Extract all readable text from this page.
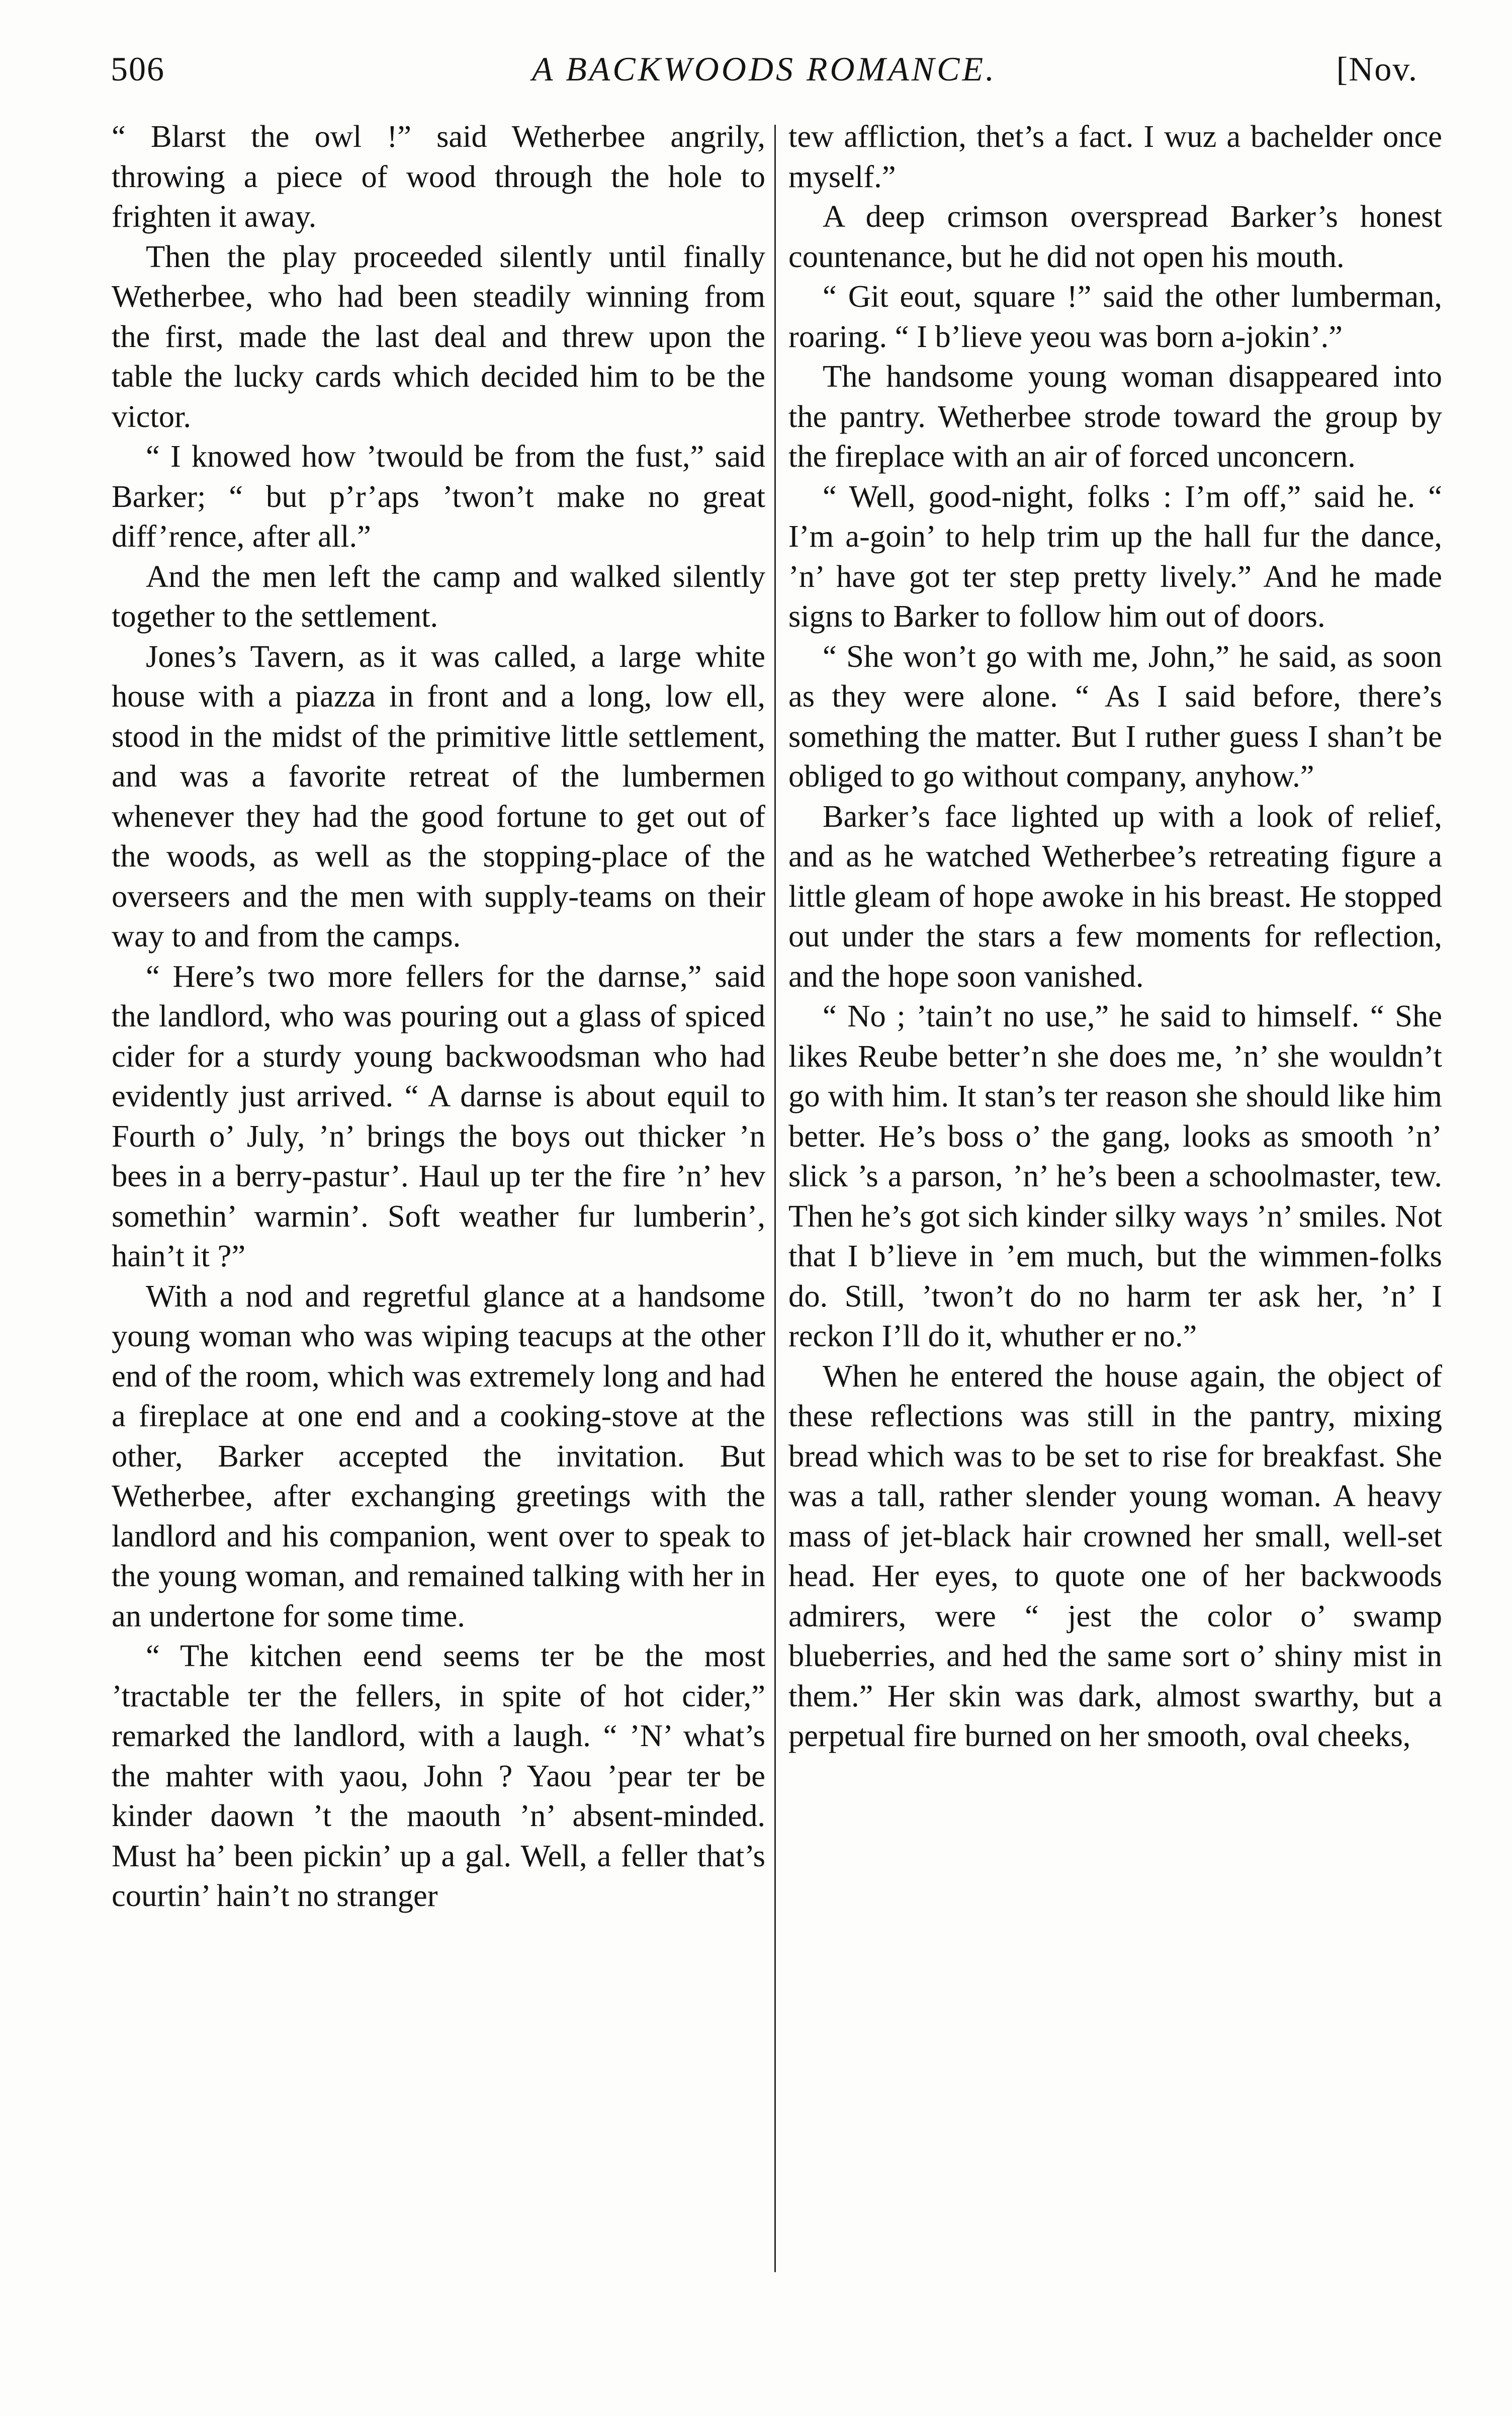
506	A BACKWOODS ROMANCE.	[Nov.

“ Blarst the owl !” said Wetherbee angrily, throwing a piece of wood through the hole to frighten it away.

Then the play proceeded silently until finally Wetherbee, who had been steadily winning from the first, made the last deal and threw upon the table the lucky cards which decided him to be the victor.

“ I knowed how ’twould be from the fust,” said Barker; “ but p’r’aps ’twon’t make no great diff’rence, after all.”

And the men left the camp and walked silently together to the settlement.

Jones’s Tavern, as it was called, a large white house with a piazza in front and a long, low ell, stood in the midst of the primitive little settlement, and was a favorite retreat of the lumbermen whenever they had the good fortune to get out of the woods, as well as the stopping-place of the overseers and the men with supply-teams on their way to and from the camps.

“ Here’s two more fellers for the darnse,” said the landlord, who was pouring out a glass of spiced cider for a sturdy young backwoodsman who had evidently just arrived. “ A darnse is about equil to Fourth o’ July, ’n’ brings the boys out thicker ’n bees in a berry-pastur’. Haul up ter the fire ’n’ hev somethin’ warmin’. Soft weather fur lumberin’, hain’t it ?”

With a nod and regretful glance at a handsome young woman who was wiping teacups at the other end of the room, which was extremely long and had a fireplace at one end and a cooking-stove at the other, Barker accepted the invitation. But Wetherbee, after exchanging greetings with the landlord and his companion, went over to speak to the young woman, and remained talking with her in an undertone for some time.

“ The kitchen eend seems ter be the most ’tractable ter the fellers, in spite of hot cider,” remarked the landlord, with a laugh. “ ’N’ what’s the mahter with yaou, John ? Yaou ’pear ter be kinder daown ’t the maouth ’n’ absent-minded. Must ha’ been pickin’ up a gal. Well, a feller that’s courtin’ hain’t no stranger

tew affliction, thet’s a fact. I wuz a bachelder once myself.”

A deep crimson overspread Barker’s honest countenance, but he did not open his mouth.

“ Git eout, square !” said the other lumberman, roaring. “ I b’lieve yeou was born a-jokin’.”

The handsome young woman disappeared into the pantry. Wetherbee strode toward the group by the fireplace with an air of forced unconcern.

“ Well, good-night, folks : I’m off,” said he. “ I’m a-goin’ to help trim up the hall fur the dance, ’n’ have got ter step pretty lively.” And he made signs to Barker to follow him out of doors.

“ She won’t go with me, John,” he said, as soon as they were alone. “ As I said before, there’s something the matter. But I ruther guess I shan’t be obliged to go without company, anyhow.”

Barker’s face lighted up with a look of relief, and as he watched Wetherbee’s retreating figure a little gleam of hope awoke in his breast. He stopped out under the stars a few moments for reflection, and the hope soon vanished.

“ No ; ’tain’t no use,” he said to himself. “ She likes Reube better’n she does me, ’n’ she wouldn’t go with him. It stan’s ter reason she should like him better. He’s boss o’ the gang, looks as smooth ’n’ slick ’s a parson, ’n’ he’s been a schoolmaster, tew. Then he’s got sich kinder silky ways ’n’ smiles. Not that I b’lieve in ’em much, but the wimmen-folks do. Still, ’twon’t do no harm ter ask her, ’n’ I reckon I’ll do it, whuther er no.”

When he entered the house again, the object of these reflections was still in the pantry, mixing bread which was to be set to rise for breakfast. She was a tall, rather slender young woman. A heavy mass of jet-black hair crowned her small, well-set head. Her eyes, to quote one of her backwoods admirers, were “ jest the color o’ swamp blueberries, and hed the same sort o’ shiny mist in them.” Her skin was dark, almost swarthy, but a perpetual fire burned on her smooth, oval cheeks,
